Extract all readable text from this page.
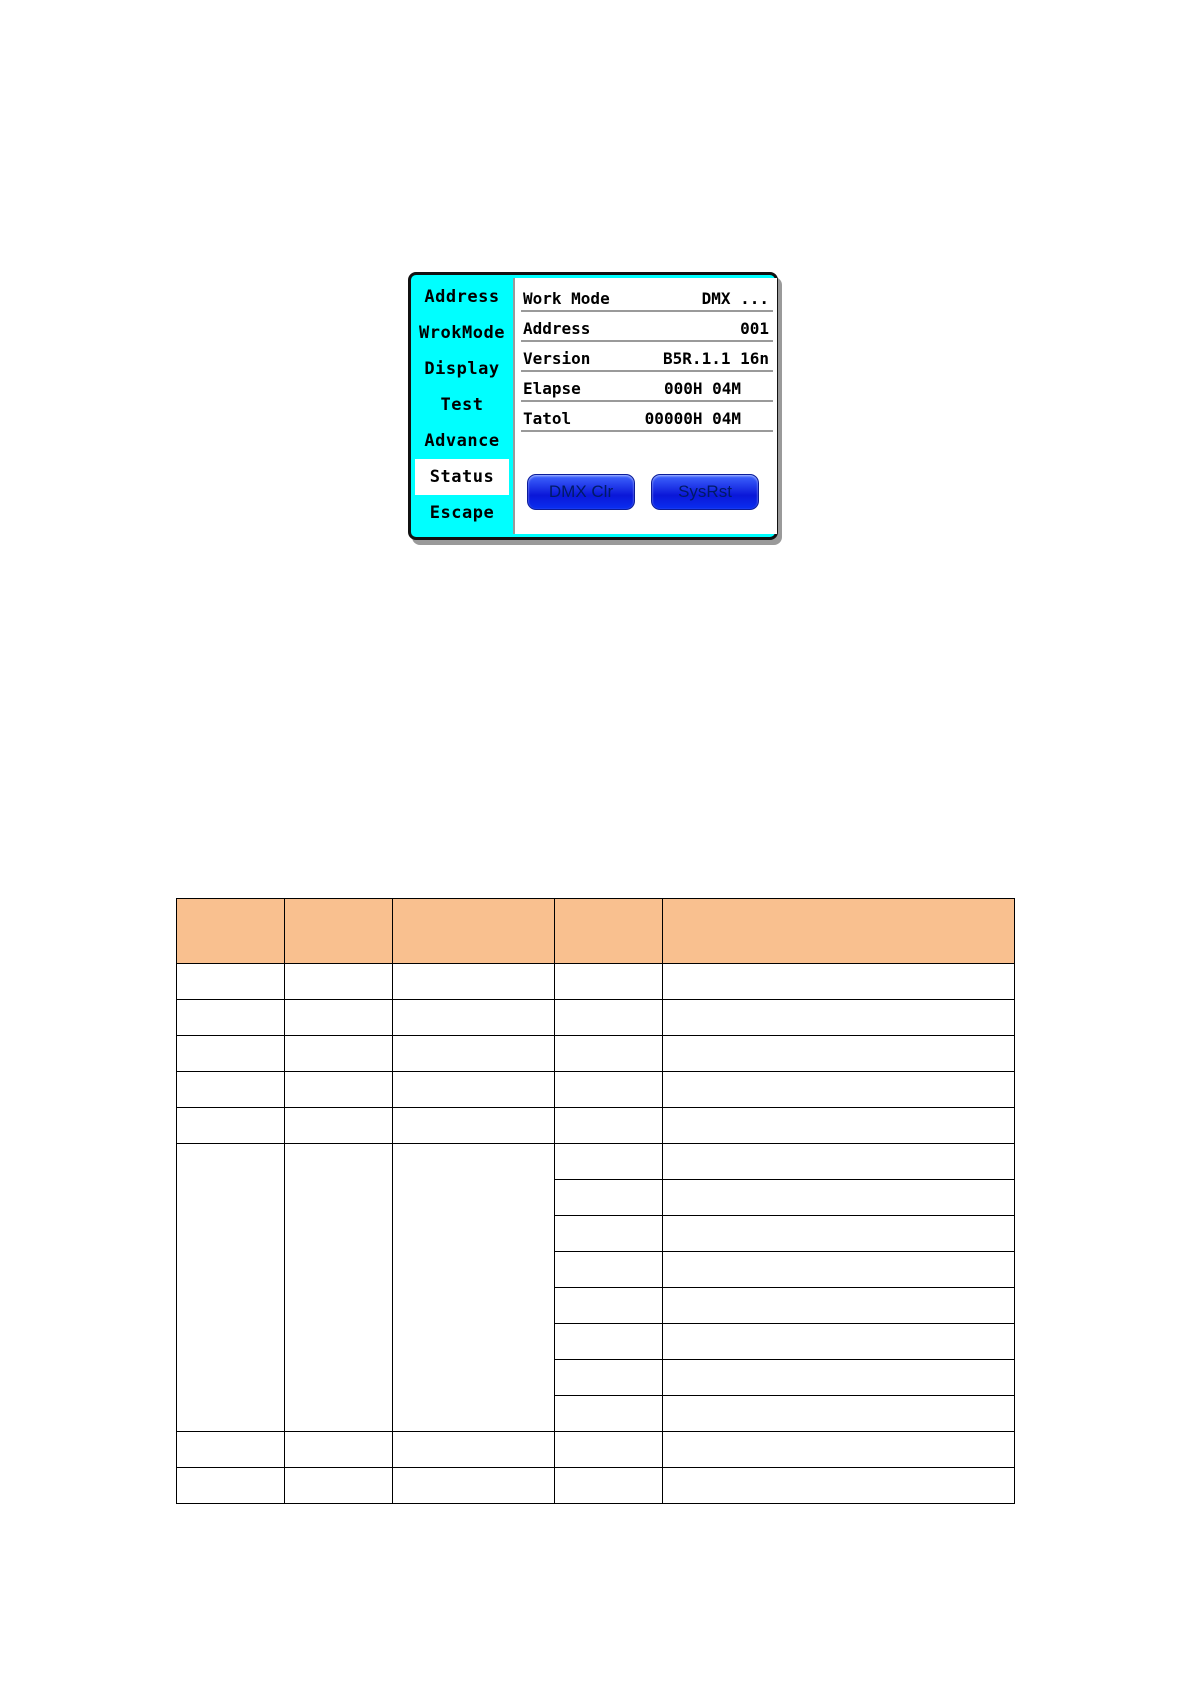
Address
WrokMode
Display
Test
Advance
Status
Escape
Work Mode	DMX ...
Address	001
Version	B5R.1.1 16n
Elapse	000H 04M
Tatol	00000H 04M
DMX Clr	SysRst
